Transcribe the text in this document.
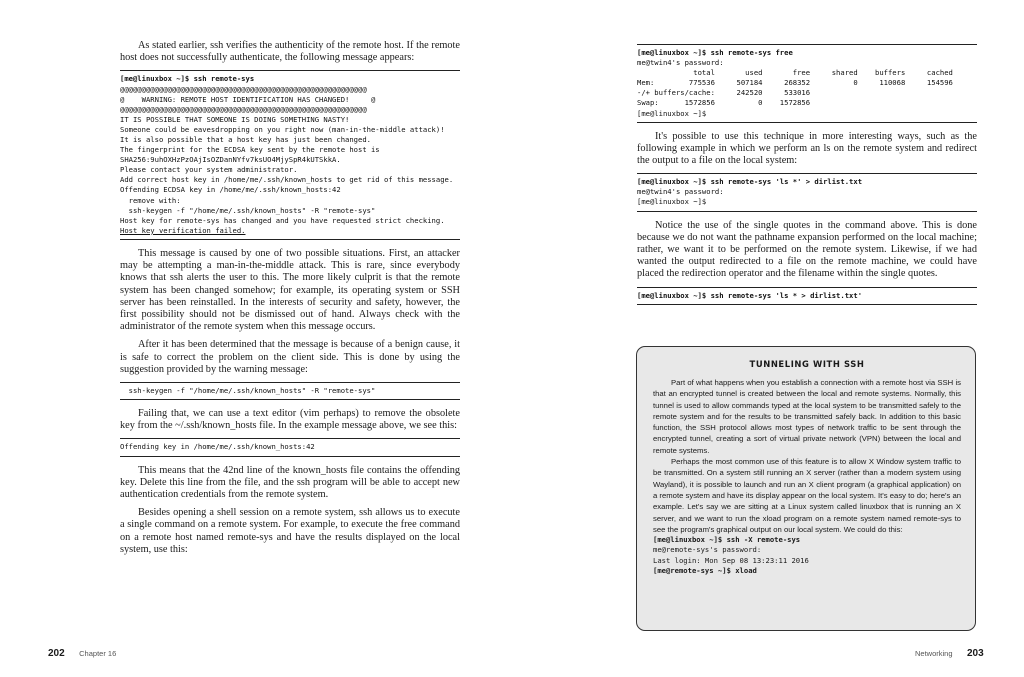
As stated earlier, ssh verifies the authenticity of the remote host. If the remote host does not successfully authenticate, the following message appears:

[me@linuxbox ~]$ ssh remote-sys
@@@@@@@@@@@@@@@@@@@@@@@@@@@@@@@@@@@@@@@@@@@@@@@@@@@@@@@@@
@    WARNING: REMOTE HOST IDENTIFICATION HAS CHANGED!     @
@@@@@@@@@@@@@@@@@@@@@@@@@@@@@@@@@@@@@@@@@@@@@@@@@@@@@@@@@
IT IS POSSIBLE THAT SOMEONE IS DOING SOMETHING NASTY!
Someone could be eavesdropping on you right now (man-in-the-middle attack)!
It is also possible that a host key has just been changed.
The fingerprint for the ECDSA key sent by the remote host is
SHA256:9uhOXHzPzOAjIsOZDanNYfv7ksUO4MjySpR4kUTSkkA.
Please contact your system administrator.
Add correct host key in /home/me/.ssh/known_hosts to get rid of this message.
Offending ECDSA key in /home/me/.ssh/known_hosts:42
remove with:
ssh-keygen -f "/home/me/.ssh/known_hosts" -R "remote-sys"
Host key for remote-sys has changed and you have requested strict checking.
Host key verification failed.

This message is caused by one of two possible situations. First, an attacker may be attempting a man-in-the-middle attack. This is rare, since everybody knows that ssh alerts the user to this. The more likely culprit is that the remote system has been changed somehow; for example, its operating system or SSH server has been reinstalled. In the interests of security and safety, however, the first possibility should not be dismissed out of hand. Always check with the administrator of the remote system when this message occurs.

After it has been determined that the message is because of a benign cause, it is safe to correct the problem on the client side. This is done by using the suggestion provided by the warning message:

ssh-keygen -f "/home/me/.ssh/known_hosts" -R "remote-sys"

Failing that, we can use a text editor (vim perhaps) to remove the obsolete key from the ~/.ssh/known_hosts file. In the example message above, we see this:

Offending key in /home/me/.ssh/known_hosts:42

This means that the 42nd line of the known_hosts file contains the offending key. Delete this line from the file, and the ssh program will be able to accept new authentication credentials from the remote system.

Besides opening a shell session on a remote system, ssh allows us to execute a single command on a remote system. For example, to execute the free command on a remote host named remote-sys and have the results displayed on the local system, use this:

202 Chapter 16
[me@linuxbox ~]$ ssh remote-sys free
me@twin4's password:
total       used       free     shared    buffers     cached
Mem:        775536     507184     268352          0     110068     154596
-/+ buffers/cache:     242520     533016
Swap:      1572856          0    1572856
[me@linuxbox ~]$

It's possible to use this technique in more interesting ways, such as the following example in which we perform an ls on the remote system and redirect the output to a file on the local system:

[me@linuxbox ~]$ ssh remote-sys 'ls *' > dirlist.txt
me@twin4's password:
[me@linuxbox ~]$

Notice the use of the single quotes in the command above. This is done because we do not want the pathname expansion performed on the local machine; rather, we want it to be performed on the remote system. Likewise, if we had wanted the output redirected to a file on the remote machine, we could have placed the redirection operator and the filename within the single quotes.

[me@linuxbox ~]$ ssh remote-sys 'ls * > dirlist.txt'
TUNNELING WITH SSH

Part of what happens when you establish a connection with a remote host via SSH is that an encrypted tunnel is created between the local and remote systems. Normally, this tunnel is used to allow commands typed at the local system to be transmitted safely to the remote system and for the results to be transmitted safely back. In addition to this basic function, the SSH protocol allows most types of network traffic to be sent through the encrypted tunnel, creating a sort of virtual private network (VPN) between the local and remote systems.

Perhaps the most common use of this feature is to allow X Window system traffic to be transmitted. On a system still running an X server (rather than a modern system using Wayland), it is possible to launch and run an X client program (a graphical application) on a remote system and have its display appear on the local system. It's easy to do; here's an example. Let's say we are sitting at a Linux system called linuxbox that is running an X server, and we want to run the xload program on a remote system named remote-sys to see the program's graphical output on our local system. We could do this:

[me@linuxbox ~]$ ssh -X remote-sys
me@remote-sys's password:
Last login: Mon Sep 08 13:23:11 2016
[me@remote-sys ~]$ xload
Networking 203
